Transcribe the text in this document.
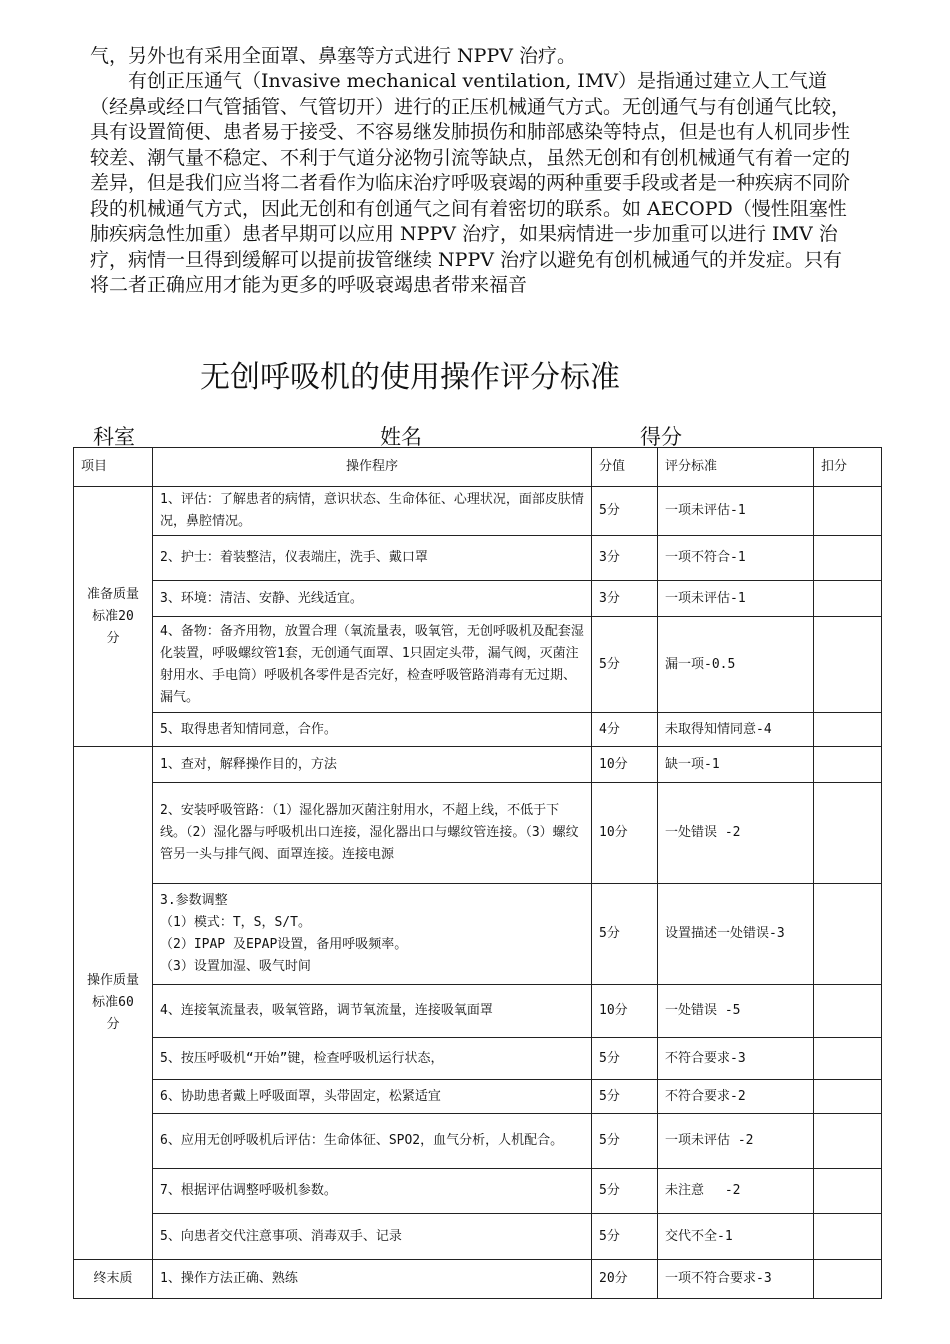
气，另外也有采用全面罩、鼻塞等方式进行 NPPV 治疗。

有创正压通气（Invasive mechanical ventilation, IMV）是指通过建立人工气道（经鼻或经口气管插管、气管切开）进行的正压机械通气方式。无创通气与有创通气比较，具有设置简便、患者易于接受、不容易继发肺损伤和肺部感染等特点，但是也有人机同步性较差、潮气量不稳定、不利于气道分泌物引流等缺点，虽然无创和有创机械通气有着一定的差异，但是我们应当将二者看作为临床治疗呼吸衰竭的两种重要手段或者是一种疾病不同阶段的机械通气方式，因此无创和有创通气之间有着密切的联系。如 AECOPD（慢性阻塞性肺疾病急性加重）患者早期可以应用 NPPV 治疗，如果病情进一步加重可以进行 IMV 治疗，病情一旦得到缓解可以提前拔管继续 NPPV 治疗以避免有创机械通气的并发症。只有将二者正确应用才能为更多的呼吸衰竭患者带来福音

无创呼吸机的使用操作评分标准
科室	姓名	得分
项目	操作程序	分值	评分标准	扣分
准备质量标准20分	1、评估：了解患者的病情，意识状态、生命体征、心理状况，面部皮肤情况，鼻腔情况。	5分	一项未评估-1	
	2、护士：着装整洁，仪表端庄，洗手、戴口罩	3分	一项不符合-1	
	3、环境：清洁、安静、光线适宜。	3分	一项未评估-1	
	4、备物：备齐用物，放置合理（氧流量表，吸氧管，无创呼吸机及配套湿化装置，呼吸螺纹管1套，无创通气面罩、1只固定头带，漏气阀，灭菌注射用水、手电筒）呼吸机各零件是否完好，检查呼吸管路消毒有无过期、漏气。	5分	漏一项-0.5	
	5、取得患者知情同意，合作。	4分	未取得知情同意-4	
操作质量标准60分	1、查对，解释操作目的，方法	10分	缺一项-1	
	2、安装呼吸管路：（1）湿化器加灭菌注射用水，不超上线，不低于下线。（2）湿化器与呼吸机出口连接，湿化器出口与螺纹管连接。（3）螺纹管另一头与排气阀、面罩连接。连接电源	10分	一处错误 -2	

	3.参数调整
（1）模式：T，S，S/T。
（2）IPAP 及EPAP设置，备用呼吸频率。
（3）设置加湿、吸气时间	5分	设置描述一处错误-3	
	4、连接氧流量表，吸氧管路，调节氧流量，连接吸氧面罩	10分	一处错误 -5	
	5、按压呼吸机“开始”键，检查呼吸机运行状态，	5分	不符合要求-3	
	6、协助患者戴上呼吸面罩，头带固定，松紧适宜	5分	不符合要求-2	
	6、应用无创呼吸机后评估：生命体征、SPO2，血气分析，人机配合。	5分	一项未评估 -2	
	7、根据评估调整呼吸机参数。	5分	未注意　 -2	
	5、向患者交代注意事项、消毒双手、记录	5分	交代不全-1	
终末质	1、操作方法正确、熟练	20分	一项不符合要求-3	
